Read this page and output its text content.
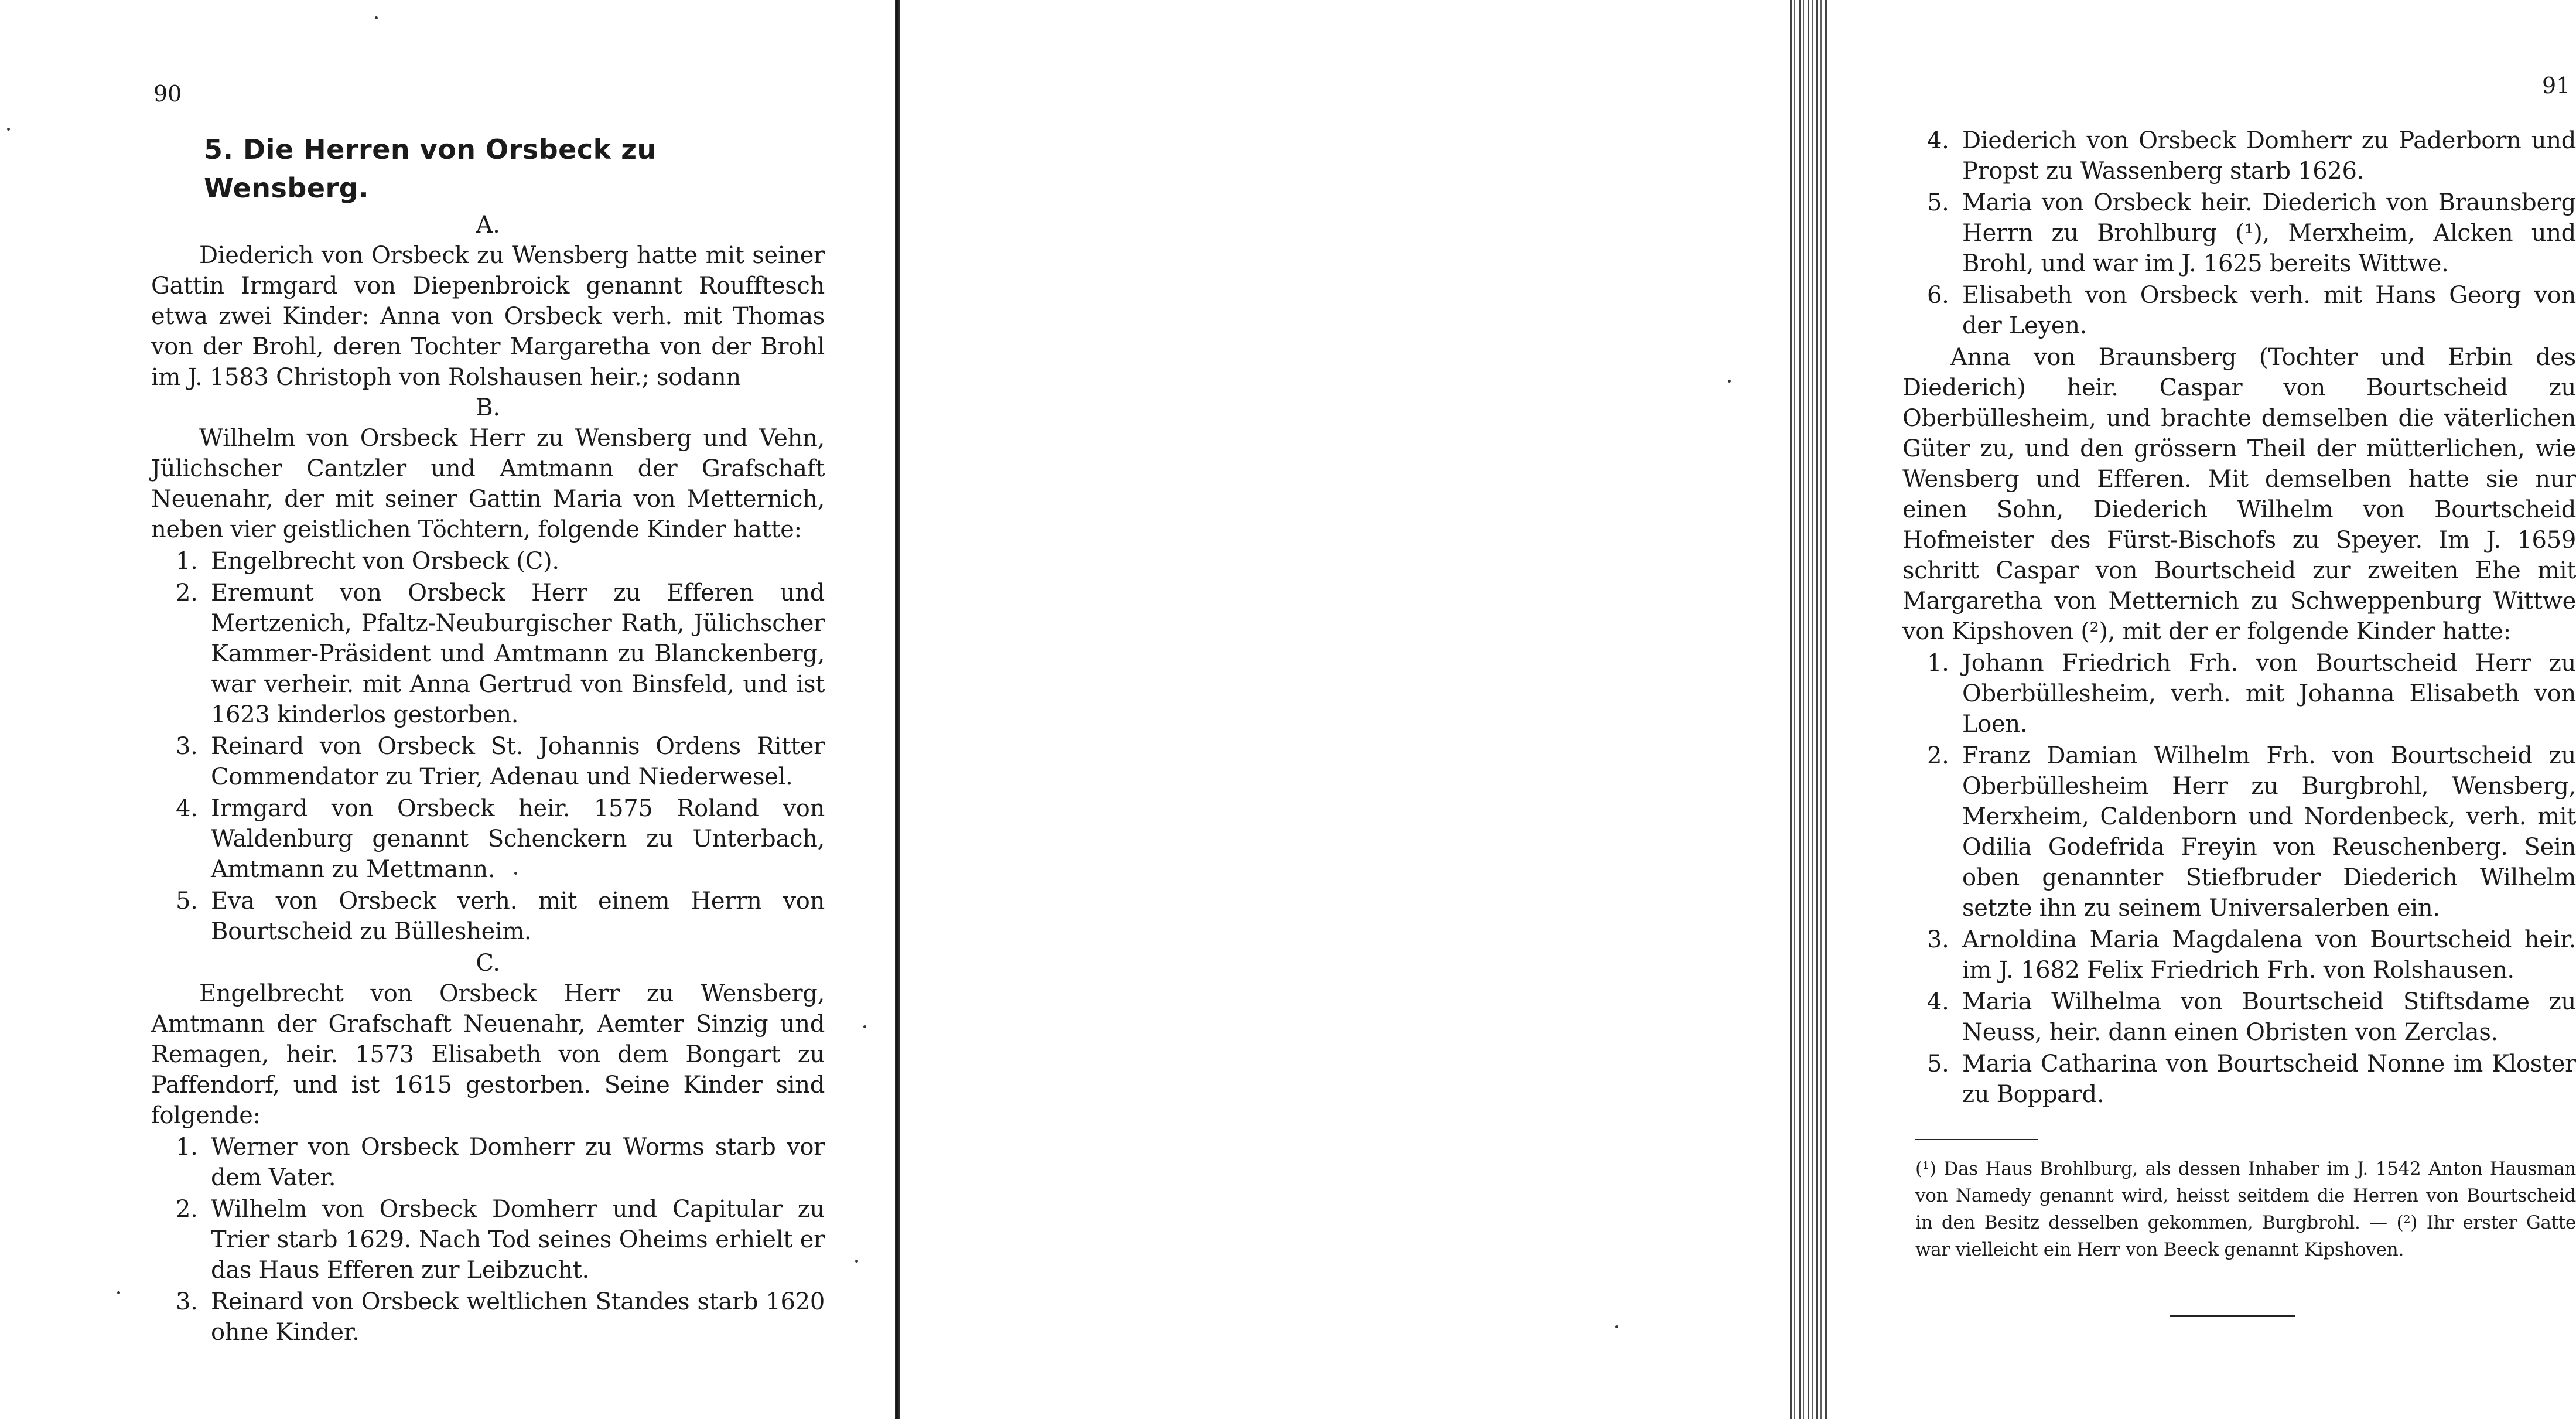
90
5. Die Herren von Orsbeck zu Wensberg.
A.

Diederich von Orsbeck zu Wensberg hatte mit seiner Gattin Irmgard von Diepenbroick genannt Roufftesch etwa zwei Kinder: Anna von Orsbeck verh. mit Thomas von der Brohl, deren Tochter Margaretha von der Brohl im J. 1583 Christoph von Rolshausen heir.; sodann

B.

Wilhelm von Orsbeck Herr zu Wensberg und Vehn, Jülichscher Cantzler und Amtmann der Grafschaft Neuenahr, der mit seiner Gattin Maria von Metternich, neben vier geistlichen Töchtern, folgende Kinder hatte:

1. Engelbrecht von Orsbeck (C).
2. Eremunt von Orsbeck Herr zu Efferen und Mertzenich, Pfaltz-Neuburgischer Rath, Jülichscher Kammer-Präsident und Amtmann zu Blanckenberg, war verheir. mit Anna Gertrud von Binsfeld, und ist 1623 kinderlos gestorben.
3. Reinard von Orsbeck St. Johannis Ordens Ritter Commendator zu Trier, Adenau und Niederwesel.
4. Irmgard von Orsbeck heir. 1575 Roland von Waldenburg genannt Schenckern zu Unterbach, Amtmann zu Mettmann.
5. Eva von Orsbeck verh. mit einem Herrn von Bourtscheid zu Büllesheim.
C.

Engelbrecht von Orsbeck Herr zu Wensberg, Amtmann der Grafschaft Neuenahr, Aemter Sinzig und Remagen, heir. 1573 Elisabeth von dem Bongart zu Paffendorf, und ist 1615 gestorben. Seine Kinder sind folgende:

1. Werner von Orsbeck Domherr zu Worms starb vor dem Vater.
2. Wilhelm von Orsbeck Domherr und Capitular zu Trier starb 1629. Nach Tod seines Oheims erhielt er das Haus Efferen zur Leibzucht.
3. Reinard von Orsbeck weltlichen Standes starb 1620 ohne Kinder.
91
4. Diederich von Orsbeck Domherr zu Paderborn und Propst zu Wassenberg starb 1626.
5. Maria von Orsbeck heir. Diederich von Braunsberg Herrn zu Brohlburg (¹), Merxheim, Alcken und Brohl, und war im J. 1625 bereits Wittwe.
6. Elisabeth von Orsbeck verh. mit Hans Georg von der Leyen.

Anna von Braunsberg (Tochter und Erbin des Diederich) heir. Caspar von Bourtscheid zu Oberbüllesheim, und brachte demselben die väterlichen Güter zu, und den grössern Theil der mütterlichen, wie Wensberg und Efferen. Mit demselben hatte sie nur einen Sohn, Diederich Wilhelm von Bourtscheid Hofmeister des Fürst-Bischofs zu Speyer. Im J. 1659 schritt Caspar von Bourtscheid zur zweiten Ehe mit Margaretha von Metternich zu Schweppenburg Wittwe von Kipshoven (²), mit der er folgende Kinder hatte:

1. Johann Friedrich Frh. von Bourtscheid Herr zu Oberbüllesheim, verh. mit Johanna Elisabeth von Loen.
2. Franz Damian Wilhelm Frh. von Bourtscheid zu Oberbüllesheim Herr zu Burgbrohl, Wensberg, Merxheim, Caldenborn und Nordenbeck, verh. mit Odilia Godefrida Freyin von Reuschenberg. Sein oben genannter Stiefbruder Diederich Wilhelm setzte ihn zu seinem Universalerben ein.
3. Arnoldina Maria Magdalena von Bourtscheid heir. im J. 1682 Felix Friedrich Frh. von Rolshausen.
4. Maria Wilhelma von Bourtscheid Stiftsdame zu Neuss, heir. dann einen Obristen von Zerclas.
5. Maria Catharina von Bourtscheid Nonne im Kloster zu Boppard.

(¹) Das Haus Brohlburg, als dessen Inhaber im J. 1542 Anton Hausman von Namedy genannt wird, heisst seitdem die Herren von Bourtscheid in den Besitz desselben gekommen, Burgbrohl. — (²) Ihr erster Gatte war vielleicht ein Herr von Beeck genannt Kipshoven.
